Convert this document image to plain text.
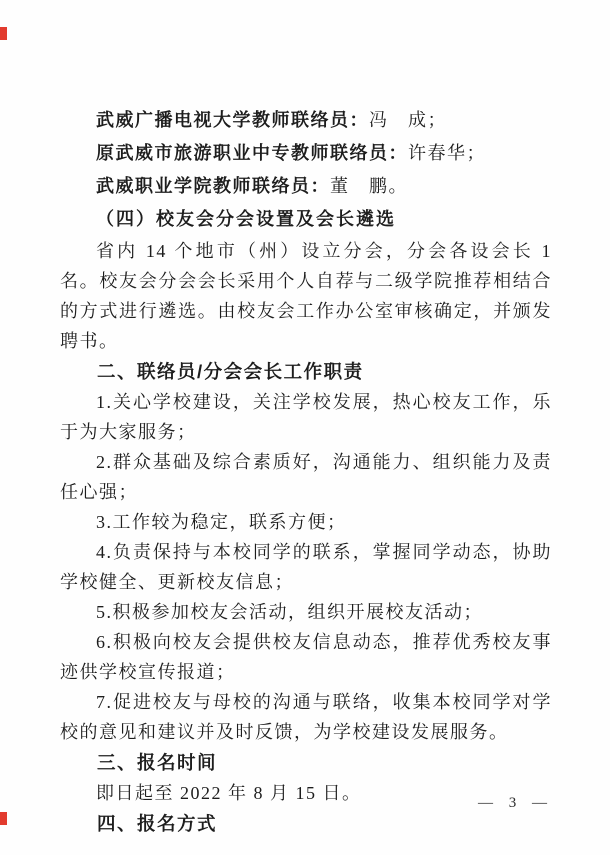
武威广播电视大学教师联络员：冯　成；

原武威市旅游职业中专教师联络员：许春华；

武威职业学院教师联络员：董　鹏。

（四）校友会分会设置及会长遴选

省内 14 个地市（州）设立分会，分会各设会长 1 名。校友会分会会长采用个人自荐与二级学院推荐相结合的方式进行遴选。由校友会工作办公室审核确定，并颁发聘书。

二、联络员/分会会长工作职责

1.关心学校建设，关注学校发展，热心校友工作，乐于为大家服务；

2.群众基础及综合素质好，沟通能力、组织能力及责任心强；

3.工作较为稳定，联系方便；

4.负责保持与本校同学的联系，掌握同学动态，协助学校健全、更新校友信息；

5.积极参加校友会活动，组织开展校友活动；

6.积极向校友会提供校友信息动态，推荐优秀校友事迹供学校宣传报道；

7.促进校友与母校的沟通与联络，收集本校同学对学校的意见和建议并及时反馈，为学校建设发展服务。

三、报名时间

即日起至 2022 年 8 月 15 日。

四、报名方式

— 3 —
